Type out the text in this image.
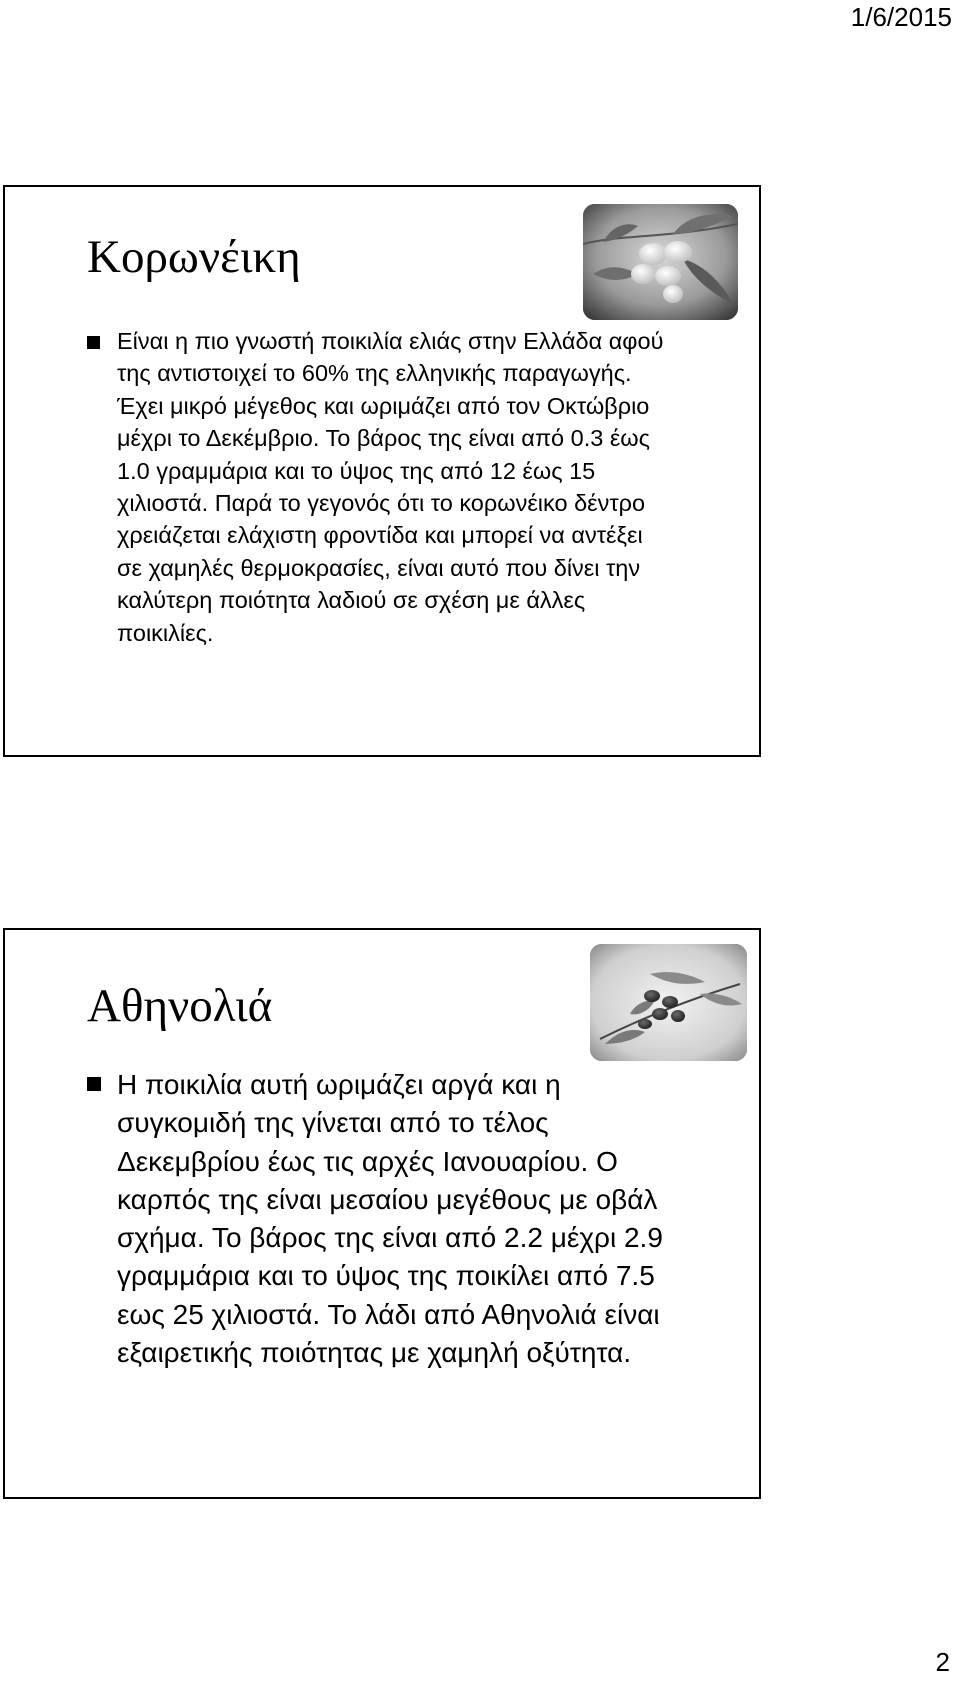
1/6/2015
Κορωνέικη

Είναι η πιο γνωστή ποικιλία ελιάς στην Ελλάδα αφού
της αντιστοιχεί το 60% της ελληνικής παραγωγής.
Έχει μικρό μέγεθος και ωριμάζει από τον Οκτώβριο
μέχρι το Δεκέμβριο. Το βάρος της είναι από 0.3 έως
1.0 γραμμάρια και το ύψος της από 12 έως 15
χιλιοστά. Παρά το γεγονός ότι το κορωνέικο δέντρο
χρειάζεται ελάχιστη φροντίδα και μπορεί να αντέξει
σε χαμηλές θερμοκρασίες, είναι αυτό που δίνει την
καλύτερη ποιότητα λαδιού σε σχέση με άλλες
ποικιλίες.

Αθηνολιά

Η ποικιλία αυτή ωριμάζει αργά και η
συγκομιδή της γίνεται από το τέλος
Δεκεμβρίου έως τις αρχές Ιανουαρίου. Ο
καρπός της είναι μεσαίου μεγέθους με οβάλ
σχήμα. Το βάρος της είναι από 2.2 μέχρι 2.9
γραμμάρια και το ύψος της ποικίλει από 7.5
εως 25 χιλιοστά. Το λάδι από Αθηνολιά είναι
εξαιρετικής ποιότητας με χαμηλή οξύτητα.

2
